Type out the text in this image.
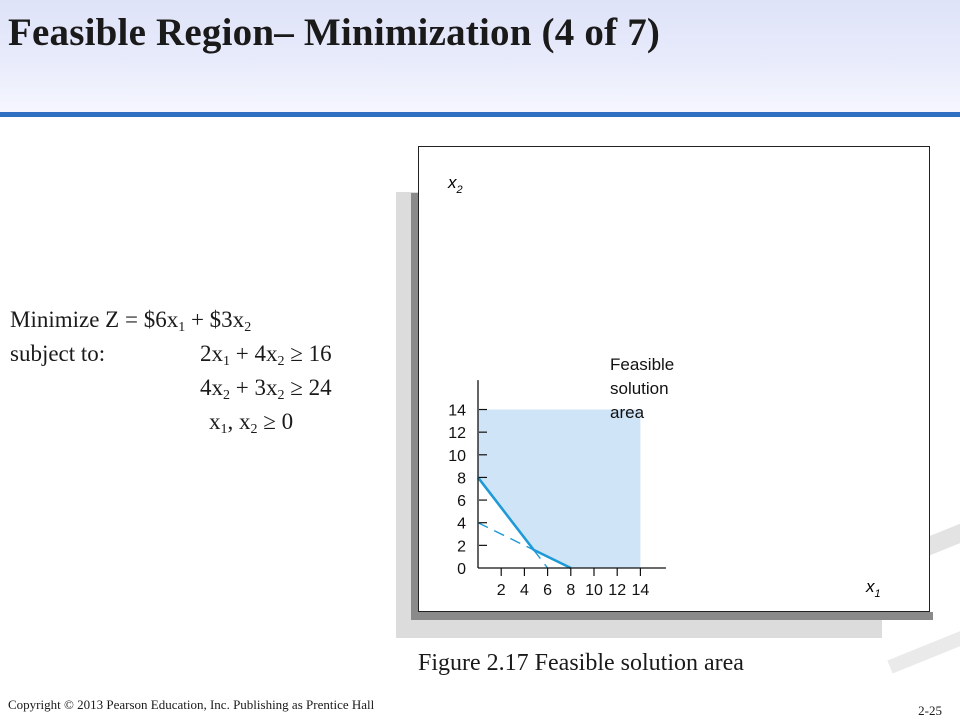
Feasible Region– Minimization (4 of 7)
Minimize $Z = \$6x_1$ + $\$3x_2$
subject to:	$2x_1 + 4x_2 \ge 16$
$4x_2 + 3x_2 \ge 24$
$x_1$, $x_2 \ge 0$
2 4 6 8 10 12 14
0
2
4
6
8
10
12
14
$x_2$
$x_1$
Feasible solution area
Figure 2.17 Feasible solution area
Copyright © 2013 Pearson Education, Inc. Publishing as Prentice Hall	2-25
